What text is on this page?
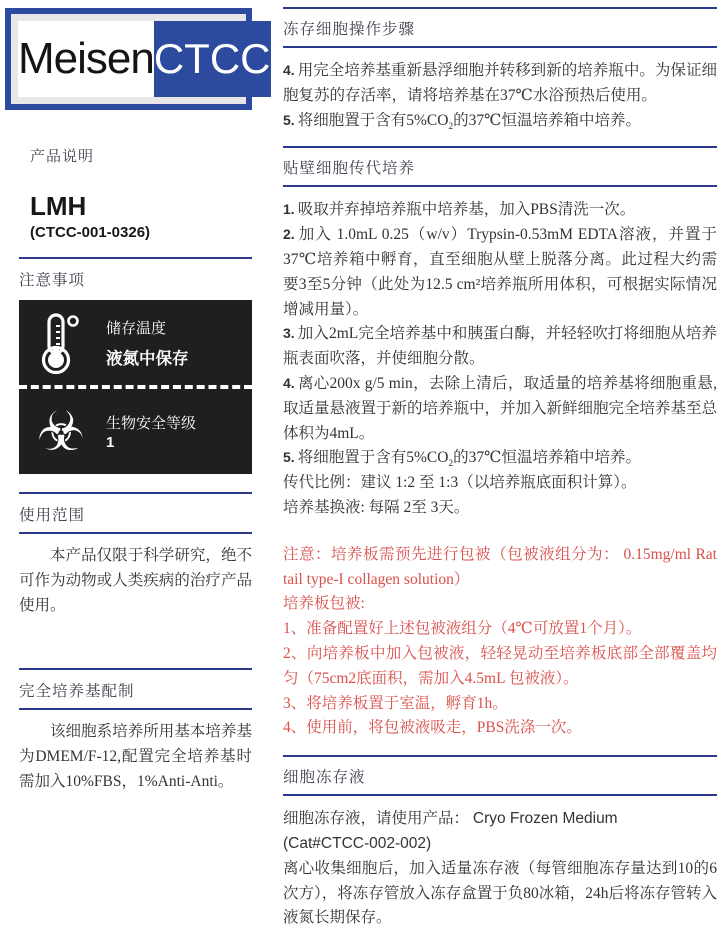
Meisen CTCC
产品说明
LMH
(CTCC-001-0326)
注意事项
储存温度
液氮中保存
☣ 生物安全等级
1
使用范围

本产品仅限于科学研究，绝不可作为动物或人类疾病的治疗产品使用。

完全培养基配制

该细胞系培养所用基本培养基为DMEM/F-12,配置完全培养基时需加入10%FBS，1%Anti-Anti。

冻存细胞操作步骤

4. 用完全培养基重新悬浮细胞并转移到新的培养瓶中。为保证细胞复苏的存活率，请将培养基在37℃水浴预热后使用。

5. 将细胞置于含有$5\%CO_2$的37℃恒温培养箱中培养。

贴壁细胞传代培养

1. 吸取并弃掉培养瓶中培养基，加入PBS清洗一次。

2. 加入 1.0mL 0.25（w/v）Trypsin-0.53mM EDTA溶液，并置于37℃培养箱中孵育，直至细胞从壁上脱落分离。此过程大约需要3至5分钟（此处为12.5 cm²培养瓶所用体积，可根据实际情况增减用量）。

3. 加入2mL完全培养基中和胰蛋白酶，并轻轻吹打将细胞从培养瓶表面吹落，并使细胞分散。

4. 离心200x g/5 min，去除上清后，取适量的培养基将细胞重悬, 取适量悬液置于新的培养瓶中，并加入新鲜细胞完全培养基至总体积为4mL。

5. 将细胞置于含有$5\%CO_2$的37℃恒温培养箱中培养。

传代比例：建议 1:2 至 1:3（以培养瓶底面积计算）。

培养基换液: 每隔 2至 3天。

注意：培养板需预先进行包被（包被液组分为： 0.15mg/ml Rat tail type-I collagen solution）

培养板包被:

1、准备配置好上述包被液组分（4℃可放置1个月）。

2、向培养板中加入包被液，轻轻晃动至培养板底部全部覆盖均匀（75cm2底面积，需加入4.5mL 包被液）。

3、将培养板置于室温，孵育1h。

4、使用前，将包被液吸走，PBS洗涤一次。

细胞冻存液

细胞冻存液，请使用产品： Cryo Frozen Medium

(Cat#CTCC-002-002)

离心收集细胞后，加入适量冻存液（每管细胞冻存量达到10的6次方），将冻存管放入冻存盒置于负80冰箱，24h后将冻存管转入液氮长期保存。
